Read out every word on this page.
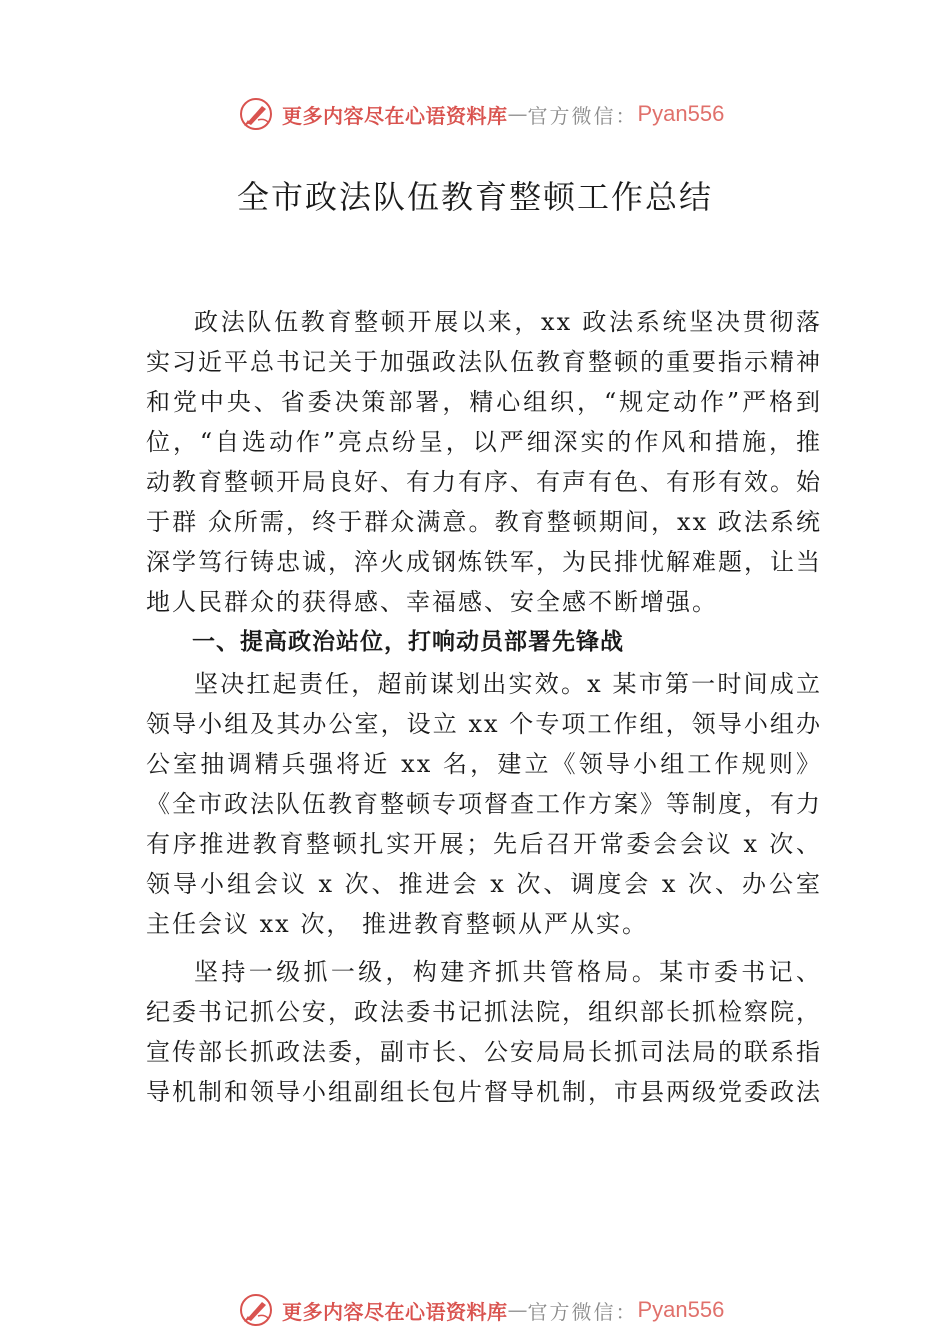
更多内容尽在心语资料库 — 官方微信： Pyan556
全市政法队伍教育整顿工作总结

政法队伍教育整顿开展以来，xx 政法系统坚决贯彻落实习近平总书记关于加强政法队伍教育整顿的重要指示精神和党中央、省委决策部署，精心组织，“规定动作”严格到位，“自选动作”亮点纷呈，以严细深实的作风和措施，推动教育整顿开局良好、有力有序、有声有色、有形有效。始于群 众所需，终于群众满意。教育整顿期间，xx 政法系统深学笃行铸忠诚，淬火成钢炼铁军，为民排忧解难题，让当地人民群众的获得感、幸福感、安全感不断增强。

一、提高政治站位，打响动员部署先锋战

坚决扛起责任，超前谋划出实效。x 某市第一时间成立领导小组及其办公室，设立 xx 个专项工作组，领导小组办公室抽调精兵强将近 xx 名，建立《领导小组工作规则》《全市政法队伍教育整顿专项督查工作方案》等制度，有力有序推进教育整顿扎实开展；先后召开常委会会议 x 次、领导小组会议 x 次、推进会 x 次、调度会 x 次、办公室主任会议 xx 次， 推进教育整顿从严从实。

坚持一级抓一级，构建齐抓共管格局。某市委书记、 纪委书记抓公安，政法委书记抓法院，组织部长抓检察院， 宣传部长抓政法委，副市长、公安局局长抓司法局的联系指导机制和领导小组副组长包片督导机制，市县两级党委政法

更多内容尽在心语资料库 — 官方微信： Pyan556
